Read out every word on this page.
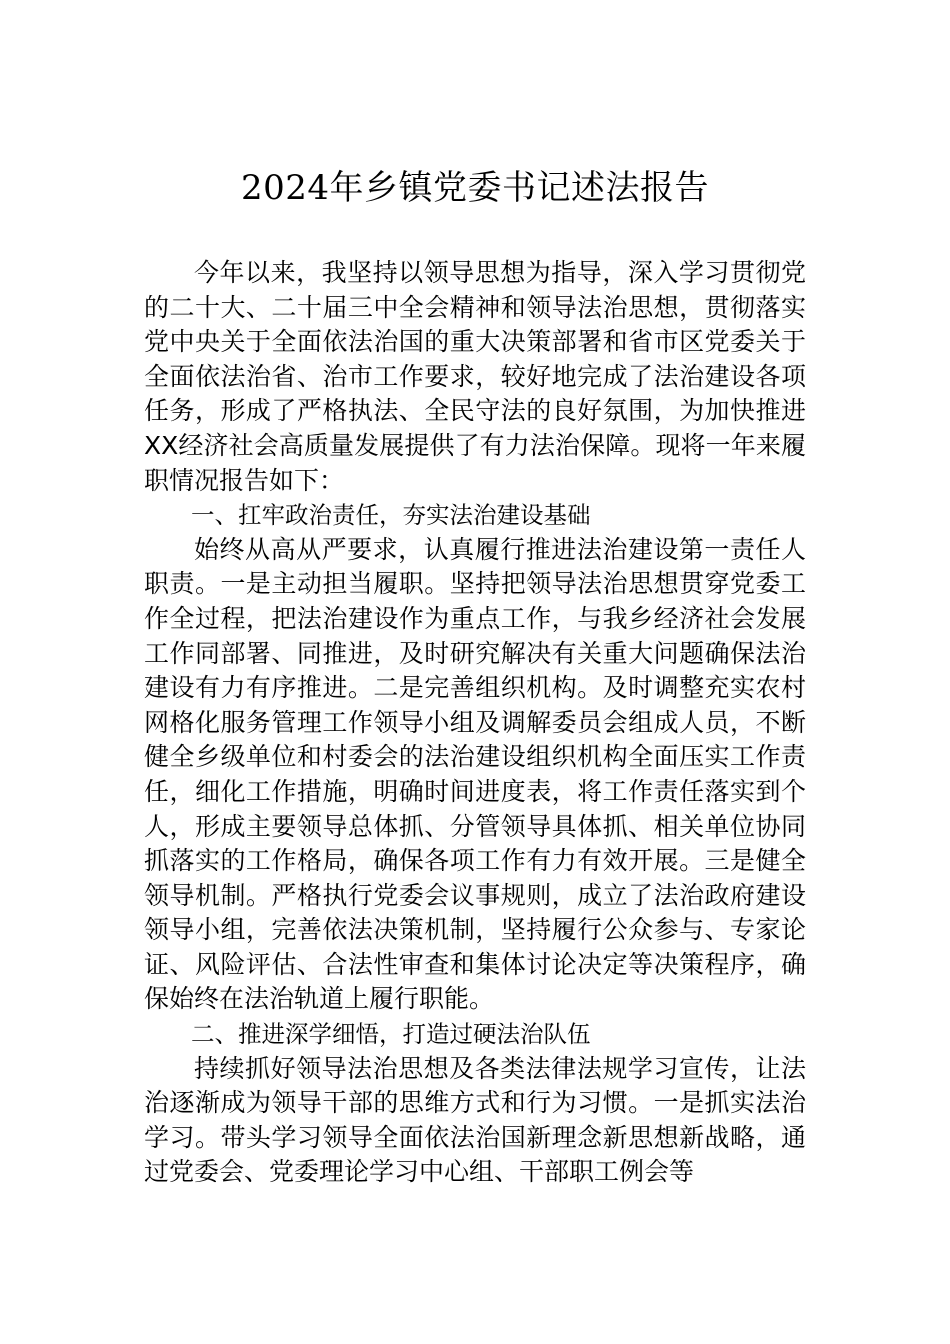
2024年乡镇党委书记述法报告

今年以来，我坚持以领导思想为指导，深入学习贯彻党的二十大、二十届三中全会精神和领导法治思想，贯彻落实党中央关于全面依法治国的重大决策部署和省市区党委关于全面依法治省、治市工作要求，较好地完成了法治建设各项任务，形成了严格执法、全民守法的良好氛围，为加快推进XX经济社会高质量发展提供了有力法治保障。现将一年来履职情况报告如下：

一、扛牢政治责任，夯实法治建设基础

始终从高从严要求，认真履行推进法治建设第一责任人职责。一是主动担当履职。坚持把领导法治思想贯穿党委工作全过程，把法治建设作为重点工作，与我乡经济社会发展工作同部署、同推进，及时研究解决有关重大问题确保法治建设有力有序推进。二是完善组织机构。及时调整充实农村网格化服务管理工作领导小组及调解委员会组成人员，不断健全乡级单位和村委会的法治建设组织机构全面压实工作责任，细化工作措施，明确时间进度表，将工作责任落实到个人，形成主要领导总体抓、分管领导具体抓、相关单位协同抓落实的工作格局，确保各项工作有力有效开展。三是健全领导机制。严格执行党委会议事规则，成立了法治政府建设领导小组，完善依法决策机制，坚持履行公众参与、专家论证、风险评估、合法性审查和集体讨论决定等决策程序，确保始终在法治轨道上履行职能。

二、推进深学细悟，打造过硬法治队伍

持续抓好领导法治思想及各类法律法规学习宣传，让法治逐渐成为领导干部的思维方式和行为习惯。一是抓实法治学习。带头学习领导全面依法治国新理念新思想新战略，通过党委会、党委理论学习中心组、干部职工例会等
